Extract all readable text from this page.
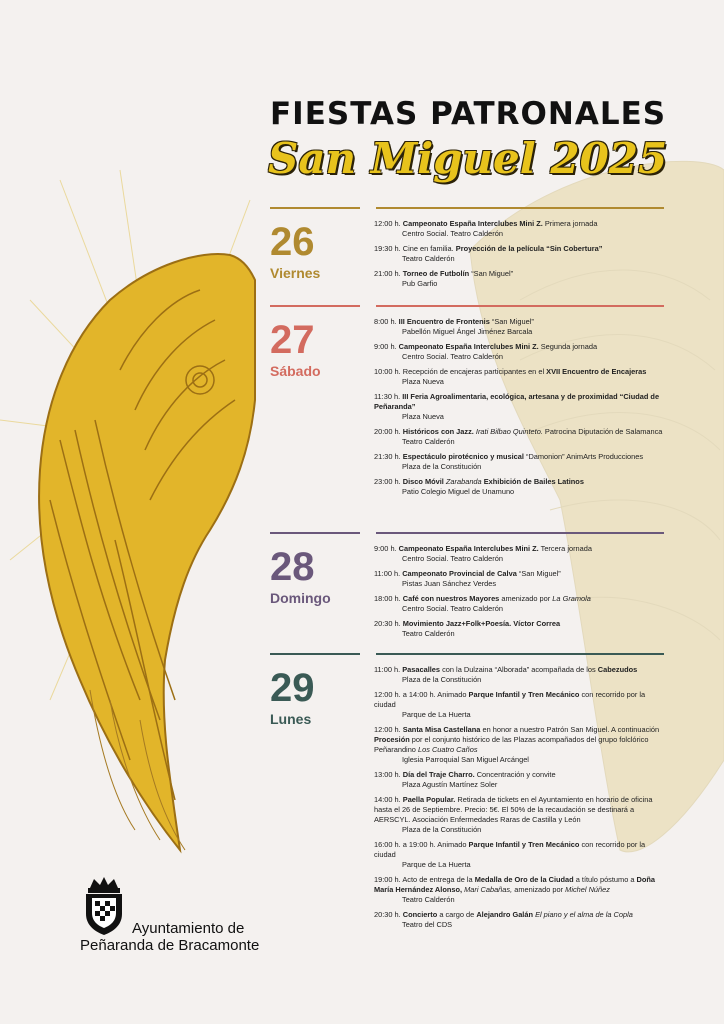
FIESTAS PATRONALES
San Miguel 2025
26
Viernes
12:00 h. Campeonato España Interclubes Mini Z. Primera jornada
Centro Social. Teatro Calderón
19:30 h. Cine en familia. Proyección de la película “Sin Cobertura”
Teatro Calderón
21:00 h. Torneo de Futbolín “San Miguel”
Pub Garfio
27
Sábado
8:00 h. III Encuentro de Frontenis “San Miguel”
Pabellón Miguel Ángel Jiménez Barcala
9:00 h. Campeonato España Interclubes Mini Z. Segunda jornada
Centro Social. Teatro Calderón
10:00 h. Recepción de encajeras participantes en el XVII Encuentro de Encajeras
Plaza Nueva
11:30 h. III Feria Agroalimentaria, ecológica, artesana y de proximidad “Ciudad de Peñaranda”
Plaza Nueva
20:00 h. Históricos con Jazz. Irati Bilbao Quinteto. Patrocina Diputación de Salamanca
Teatro Calderón
21:30 h. Espectáculo pirotécnico y musical “Damonion” AnimArts Producciones
Plaza de la Constitución
23:00 h. Disco Móvil Zarabanda Exhibición de Bailes Latinos
Patio Colegio Miguel de Unamuno
28
Domingo
9:00 h. Campeonato España Interclubes Mini Z. Tercera jornada
Centro Social. Teatro Calderón
11:00 h. Campeonato Provincial de Calva “San Miguel”
Pistas Juan Sánchez Verdes
18:00 h. Café con nuestros Mayores amenizado por La Gramola
Centro Social. Teatro Calderón
20:30 h. Movimiento Jazz+Folk+Poesía. Víctor Correa
Teatro Calderón
29
Lunes
11:00 h. Pasacalles con la Dulzaina “Alborada” acompañada de los Cabezudos
Plaza de la Constitución
12:00 h. a 14:00 h. Animado Parque Infantil y Tren Mecánico con recorrido por la ciudad
Parque de La Huerta
12:00 h. Santa Misa Castellana en honor a nuestro Patrón San Miguel. A continuación Procesión por el conjunto histórico de las Plazas acompañados del grupo folclórico Peñarandino Los Cuatro Caños
Iglesia Parroquial San Miguel Arcángel
13:00 h. Día del Traje Charro. Concentración y convite
Plaza Agustín Martínez Soler
14:00 h. Paella Popular. Retirada de tickets en el Ayuntamiento en horario de oficina hasta el 26 de Septiembre. Precio: 5€. El 50% de la recaudación se destinará a AERSCYL. Asociación Enfermedades Raras de Castilla y León
Plaza de la Constitución
16:00 h. a 19:00 h. Animado Parque Infantil y Tren Mecánico con recorrido por la ciudad
Parque de La Huerta
19:00 h. Acto de entrega de la Medalla de Oro de la Ciudad a título póstumo a Doña María Hernández Alonso, Mari Cabañas, amenizado por Michel Núñez
Teatro Calderón
20:30 h. Concierto a cargo de Alejandro Galán El piano y el alma de la Copla
Teatro del CDS
Ayuntamiento de
Peñaranda de Bracamonte
